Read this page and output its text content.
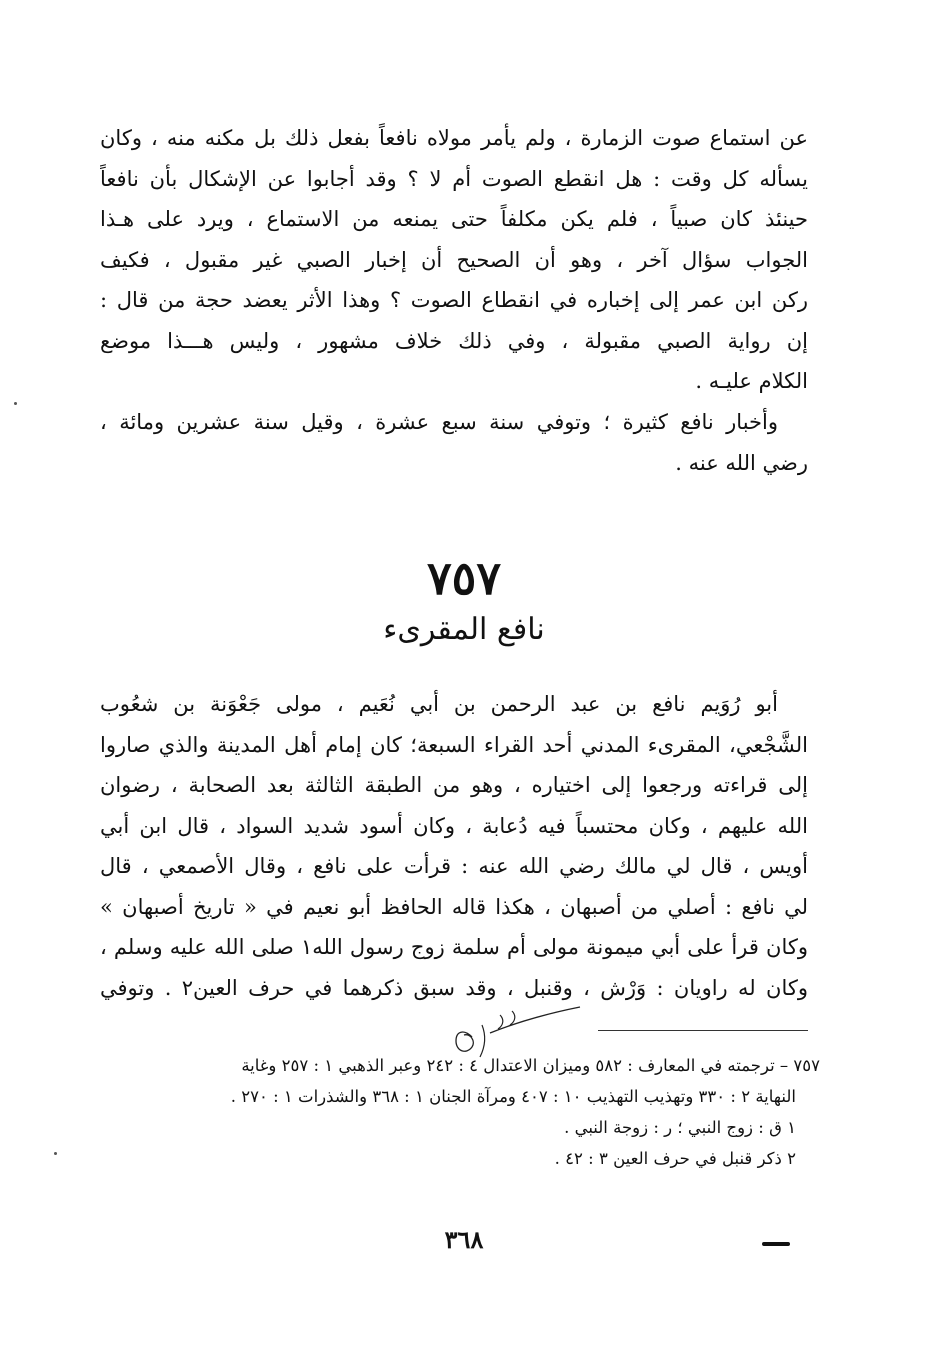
عن استماع صوت الزمارة ، ولم يأمر مولاه نافعاً بفعل ذلك بل مكنه منه ، وكان
يسأله كل وقت : هل انقطع الصوت أم لا ؟ وقد أجابوا عن الإشكال بأن نافعاً
حينئذ كان صبياً ، فلم يكن مكلفاً حتى يمنعه من الاستماع ، ويرد على هـذا
الجواب سؤال آخر ، وهو أن الصحيح أن إخبار الصبي غير مقبول ، فكيف
ركن ابن عمر إلى إخباره في انقطاع الصوت ؟ وهذا الأثر يعضد حجة من قال :
إن رواية الصبي مقبولة ، وفي ذلك خلاف مشهور ، وليس هـــذا موضع
الكلام عليـه .
وأخبار نافع كثيرة ؛ وتوفي سنة سبع عشرة ، وقيل سنة عشرين ومائة ،
رضي الله عنه .
٧٥٧
نافع المقرىء
أبو رُوَيم نافع بن عبد الرحمن بن أبي نُعَيم ، مولى جَعْوَنة بن شعُوب
الشَّجْعي، المقرىء المدني أحد القراء السبعة؛ كان إمام أهل المدينة والذي صاروا
إلى قراءته ورجعوا إلى اختياره ، وهو من الطبقة الثالثة بعد الصحابة ، رضوان
الله عليهم ، وكان محتسباً فيه دُعابة ، وكان أسود شديد السواد ، قال ابن أبي
أويس ، قال لي مالك رضي الله عنه : قرأت على نافع ، وقال الأصمعي ، قال
لي نافع : أصلي من أصبهان ، هكذا قاله الحافظ أبو نعيم في « تاريخ أصبهان »
وكان قرأ على أبي ميمونة مولى أم سلمة زوج رسول الله١ صلى الله عليه وسلم ،
وكان له راويان : وَرْش ، وقنبل ، وقد سبق ذكرهما في حرف العين٢ . وتوفي
٧٥٧ – ترجمته في المعارف : ٥٨٢ وميزان الاعتدال ٤ : ٢٤٢ وعبر الذهبي ١ : ٢٥٧ وغاية
النهاية ٢ : ٣٣٠ وتهذيب التهذيب ١٠ : ٤٠٧ ومرآة الجنان ١ : ٣٦٨ والشذرات ١ : ٢٧٠ .
١ ق : زوج النبي ؛ ر : زوجة النبي .
٢ ذكر قنبل في حرف العين ٣ : ٤٢ .
٣٦٨
